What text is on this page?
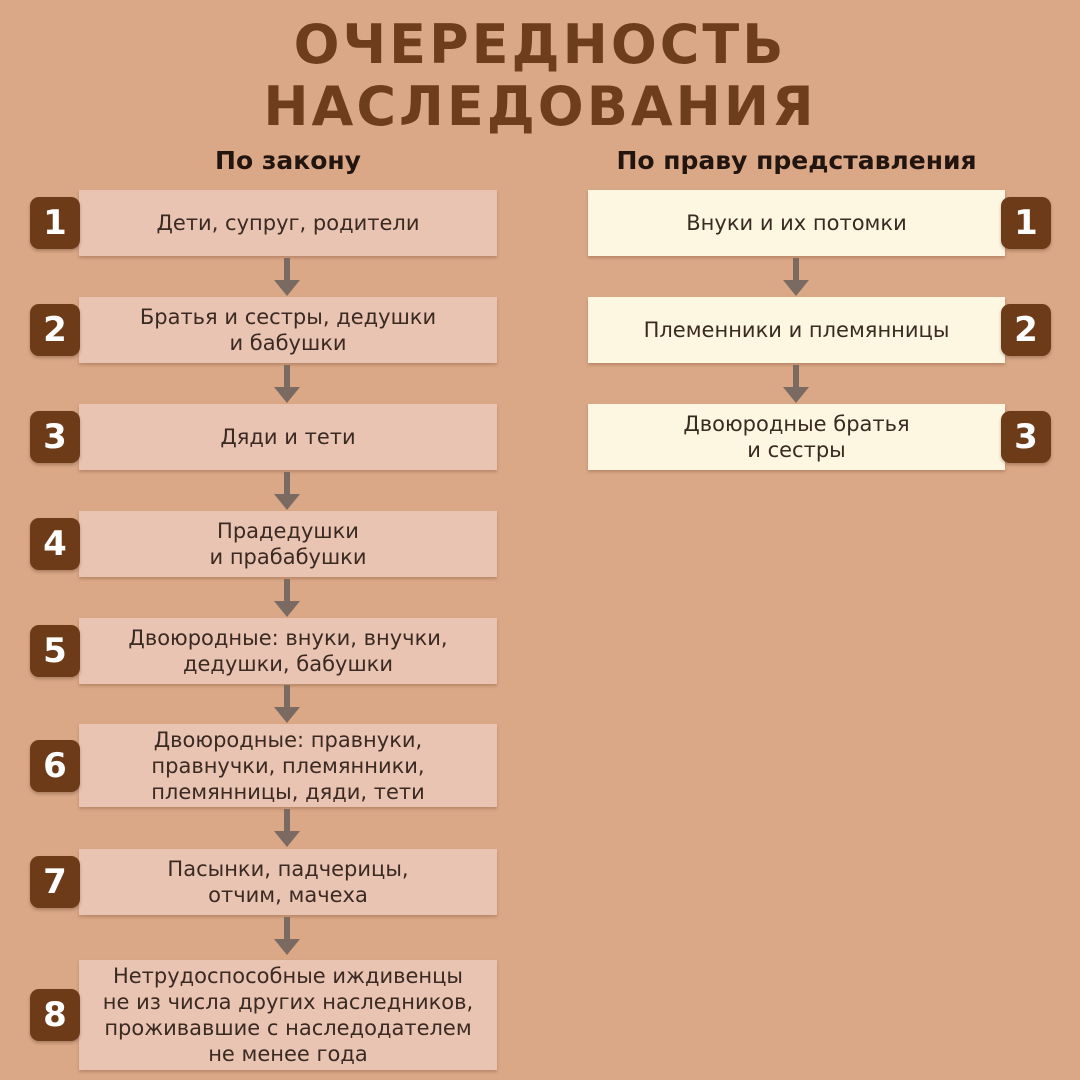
ОЧЕРЕДНОСТЬ
НАСЛЕДОВАНИЯ
По закону	По праву представления
Дети, супруг, родители
1
Братья и сестры, дедушки
и бабушки
2
Дяди и тети
3
Прадедушки
и прабабушки
4
Двоюродные: внуки, внучки,
дедушки, бабушки
5
Двоюродные: правнуки,
правнучки, племянники,
племянницы, дяди, тети
6
Пасынки, падчерицы,
отчим, мачеха
7
Нетрудоспособные иждивенцы
не из числа других наследников,
проживавшие с наследодателем
не менее года
8
Внуки и их потомки	1
Племенники и племянницы	2
Двоюродные братья
и сестры	3
